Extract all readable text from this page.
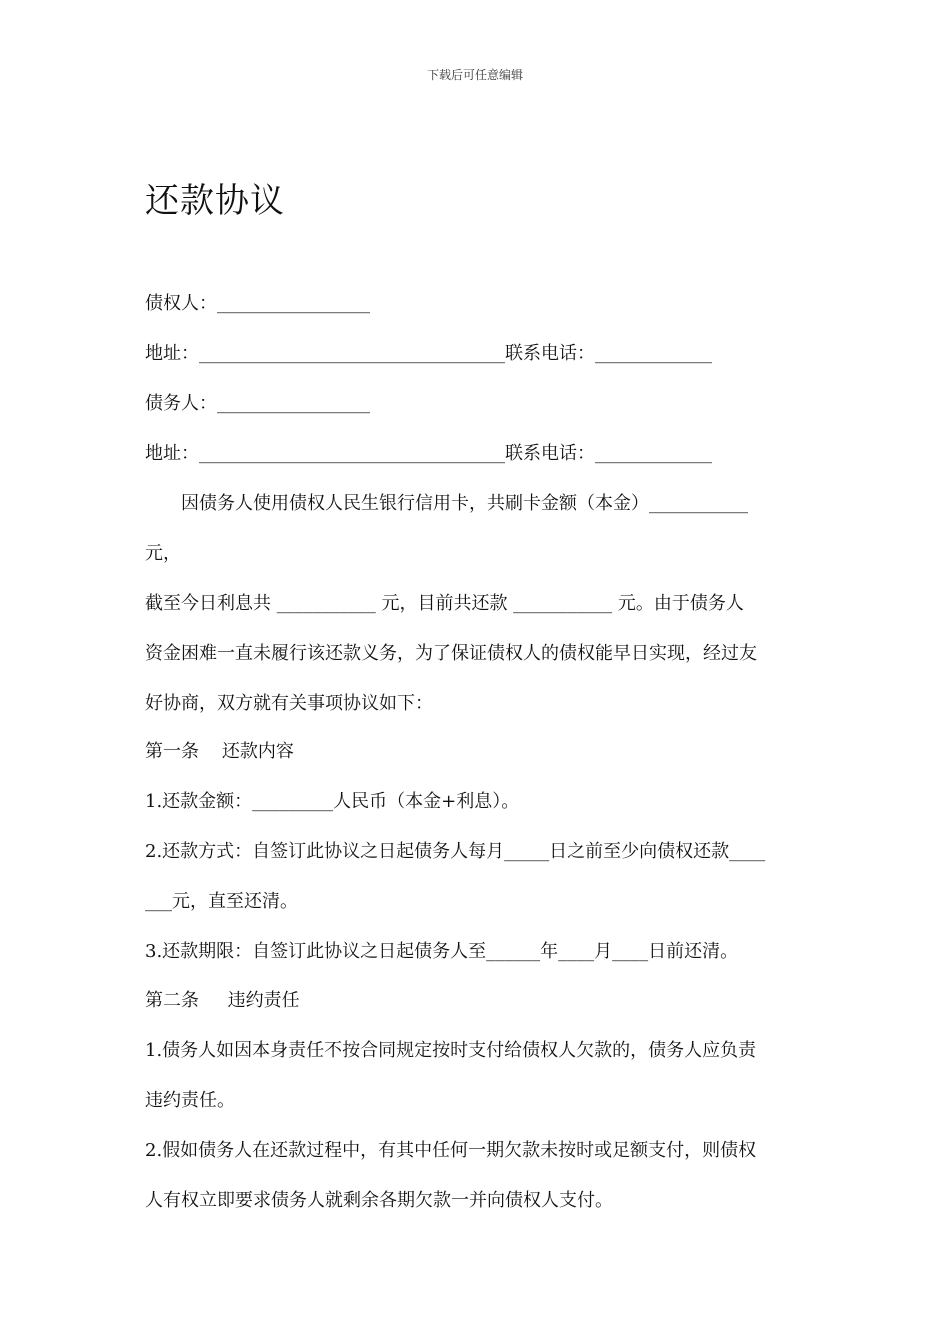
下载后可任意编辑
还款协议
债权人：_________________
地址：__________________________________联系电话：_____________
债务人：_________________
地址：__________________________________联系电话：_____________
因债务人使用债权人民生银行信用卡，共刷卡金额（本金）___________
元，
截至今日利息共 ___________ 元，目前共还款 ___________ 元。由于债务人
资金困难一直未履行该还款义务，为了保证债权人的债权能早日实现，经过友
好协商，双方就有关事项协议如下：
第一条    还款内容
1.还款金额：_________人民币（本金+利息）。
2.还款方式：自签订此协议之日起债务人每月_____日之前至少向债权还款____
___元，直至还清。
3.还款期限：自签订此协议之日起债务人至______年____月____日前还清。
第二条     违约责任
1.债务人如因本身责任不按合同规定按时支付给债权人欠款的，债务人应负责
违约责任。
2.假如债务人在还款过程中，有其中任何一期欠款未按时或足额支付，则债权
人有权立即要求债务人就剩余各期欠款一并向债权人支付。
